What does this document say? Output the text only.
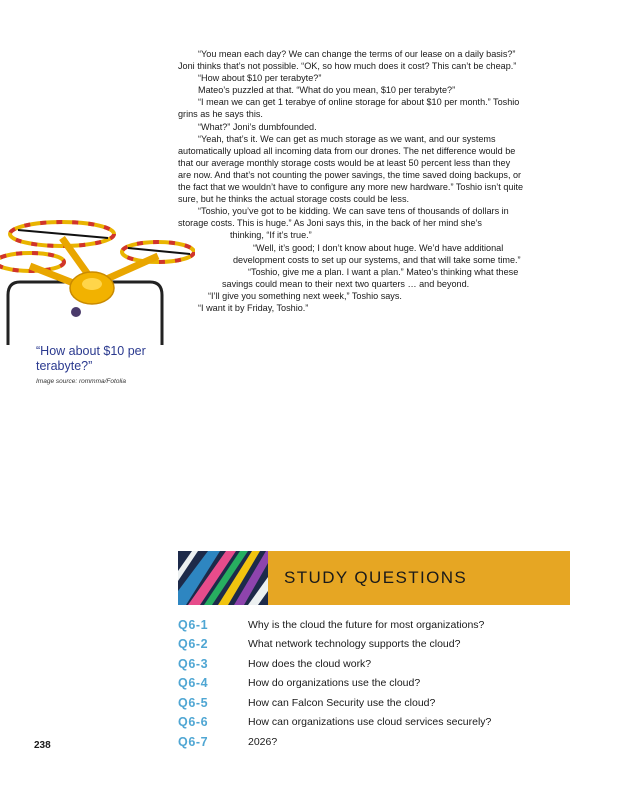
“You mean each day? We can change the terms of our lease on a daily basis?”

Joni thinks that’s not possible. “OK, so how much does it cost? This can’t be cheap.”

“How about $10 per terabyte?”

Mateo’s puzzled at that. “What do you mean, $10 per terabyte?”

“I mean we can get 1 terabye of online storage for about $10 per month.” Toshio

grins as he says this.

“What?” Joni’s dumbfounded.

“Yeah, that’s it. We can get as much storage as we want, and our systems

automatically upload all incoming data from our drones. The net difference would be

that our average monthly storage costs would be at least 50 percent less than they

are now. And that’s not counting the power savings, the time saved doing backups, or

the fact that we wouldn’t have to configure any more new hardware.” Toshio isn’t quite

sure, but he thinks the actual storage costs could be less.

“Toshio, you’ve got to be kidding. We can save tens of thousands of dollars in

storage costs. This is huge.” As Joni says this, in the back of her mind she’s

thinking, “If it’s true.”

“Well, it’s good; I don’t know about huge. We’d have additional

development costs to set up our systems, and that will take some time.”

“Toshio, give me a plan. I want a plan.” Mateo’s thinking what these

savings could mean to their next two quarters … and beyond.

“I’ll give you something next week,” Toshio says.

“I want it by Friday, Toshio.”

“How about $10 per terabyte?”
Image source: rommma/Fotolia
STUDY QUESTIONS
Q6-1	Why is the cloud the future for most organizations?
Q6-2	What network technology supports the cloud?
Q6-3	How does the cloud work?
Q6-4	How do organizations use the cloud?
Q6-5	How can Falcon Security use the cloud?
Q6-6	How can organizations use cloud services securely?
Q6-7	2026?
238
